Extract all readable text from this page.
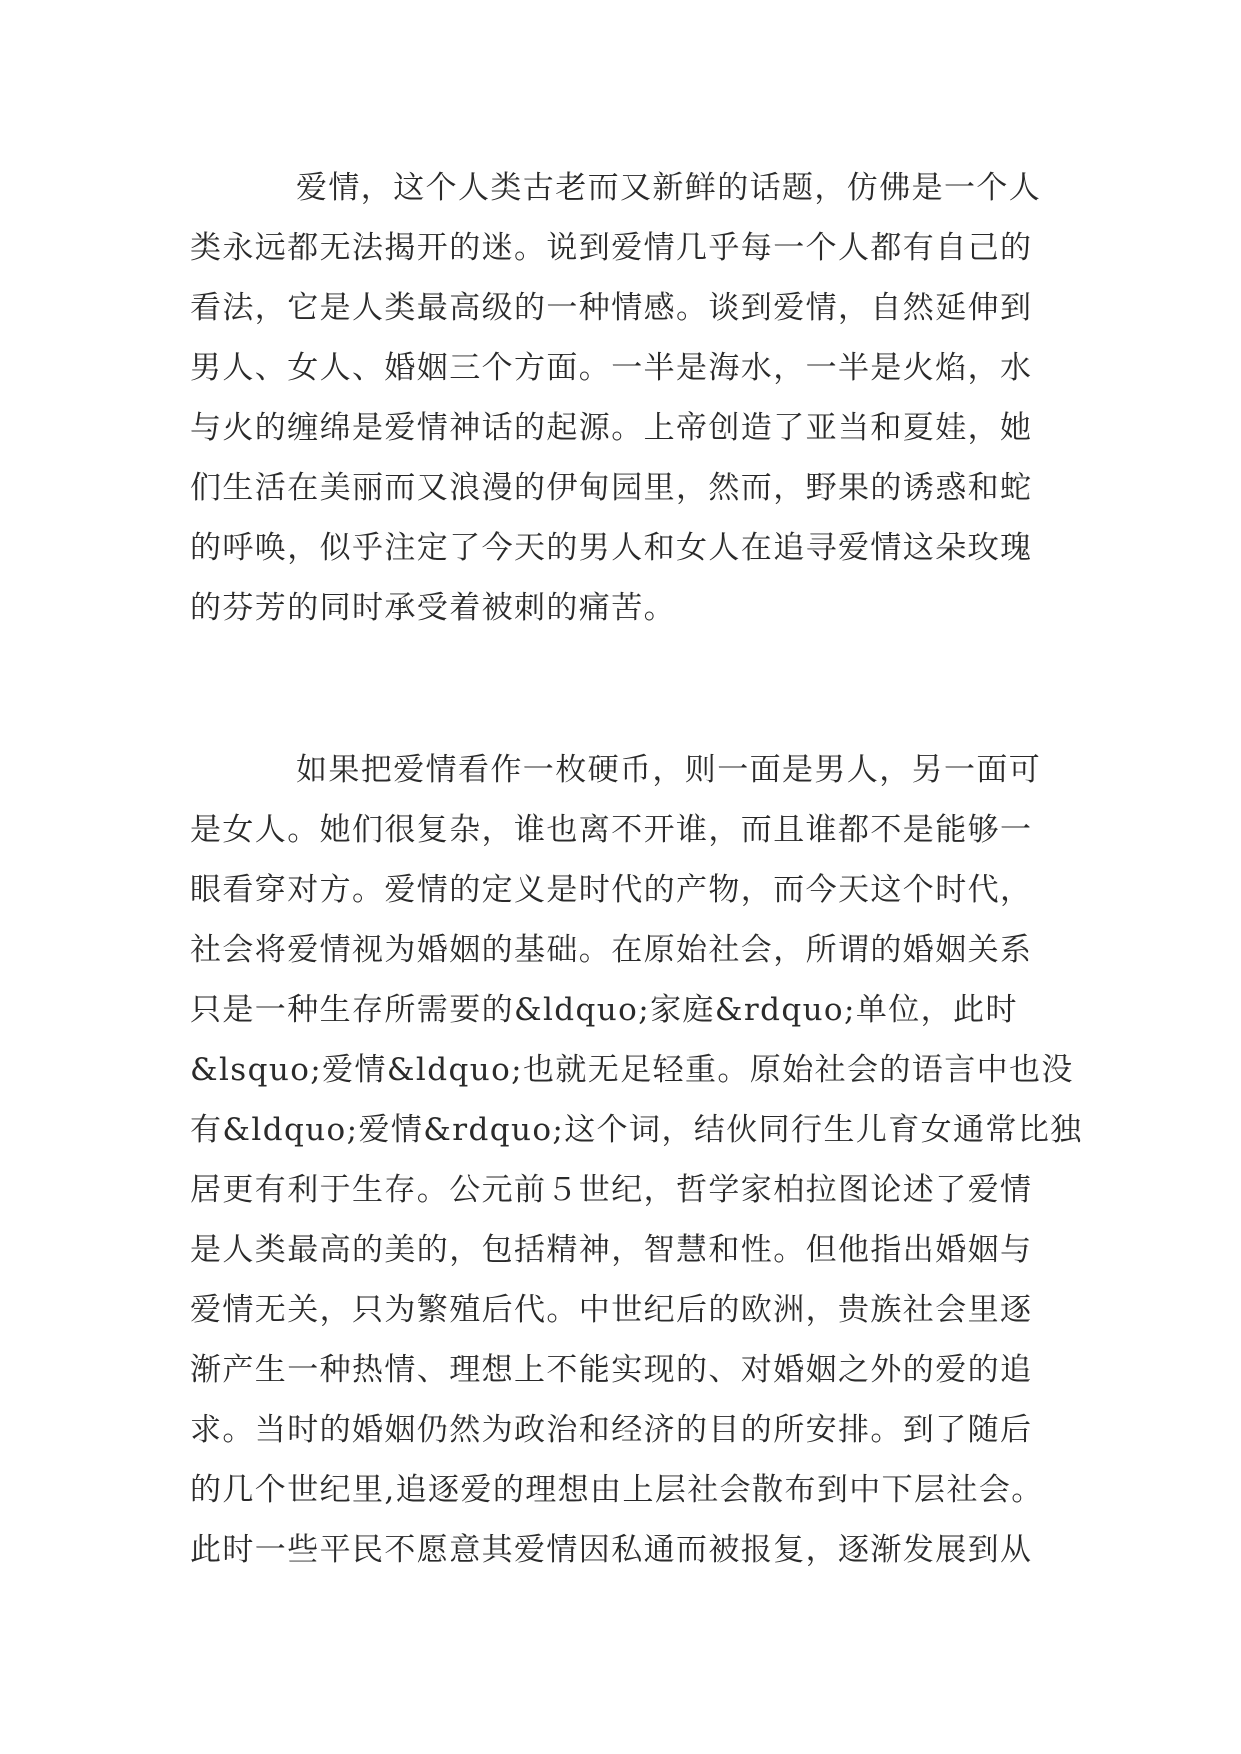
爱情，这个人类古老而又新鲜的话题，仿佛是一个人
类永远都无法揭开的迷。说到爱情几乎每一个人都有自己的
看法，它是人类最高级的一种情感。谈到爱情，自然延伸到
男人、女人、婚姻三个方面。一半是海水，一半是火焰，水
与火的缠绵是爱情神话的起源。上帝创造了亚当和夏娃，她
们生活在美丽而又浪漫的伊甸园里，然而，野果的诱惑和蛇
的呼唤，似乎注定了今天的男人和女人在追寻爱情这朵玫瑰
的芬芳的同时承受着被刺的痛苦。

如果把爱情看作一枚硬币，则一面是男人，另一面可
是女人。她们很复杂，谁也离不开谁，而且谁都不是能够一
眼看穿对方。爱情的定义是时代的产物，而今天这个时代，
社会将爱情视为婚姻的基础。在原始社会，所谓的婚姻关系
只是一种生存所需要的&ldquo;家庭&rdquo;单位，此时
&lsquo;爱情&ldquo;也就无足轻重。原始社会的语言中也没
有&ldquo;爱情&rdquo;这个词，结伙同行生儿育女通常比独
居更有利于生存。公元前５世纪，哲学家柏拉图论述了爱情
是人类最高的美的，包括精神，智慧和性。但他指出婚姻与
爱情无关，只为繁殖后代。中世纪后的欧洲，贵族社会里逐
渐产生一种热情、理想上不能实现的、对婚姻之外的爱的追
求。当时的婚姻仍然为政治和经济的目的所安排。到了随后
的几个世纪里,追逐爱的理想由上层社会散布到中下层社会。
此时一些平民不愿意其爱情因私通而被报复，逐渐发展到从
